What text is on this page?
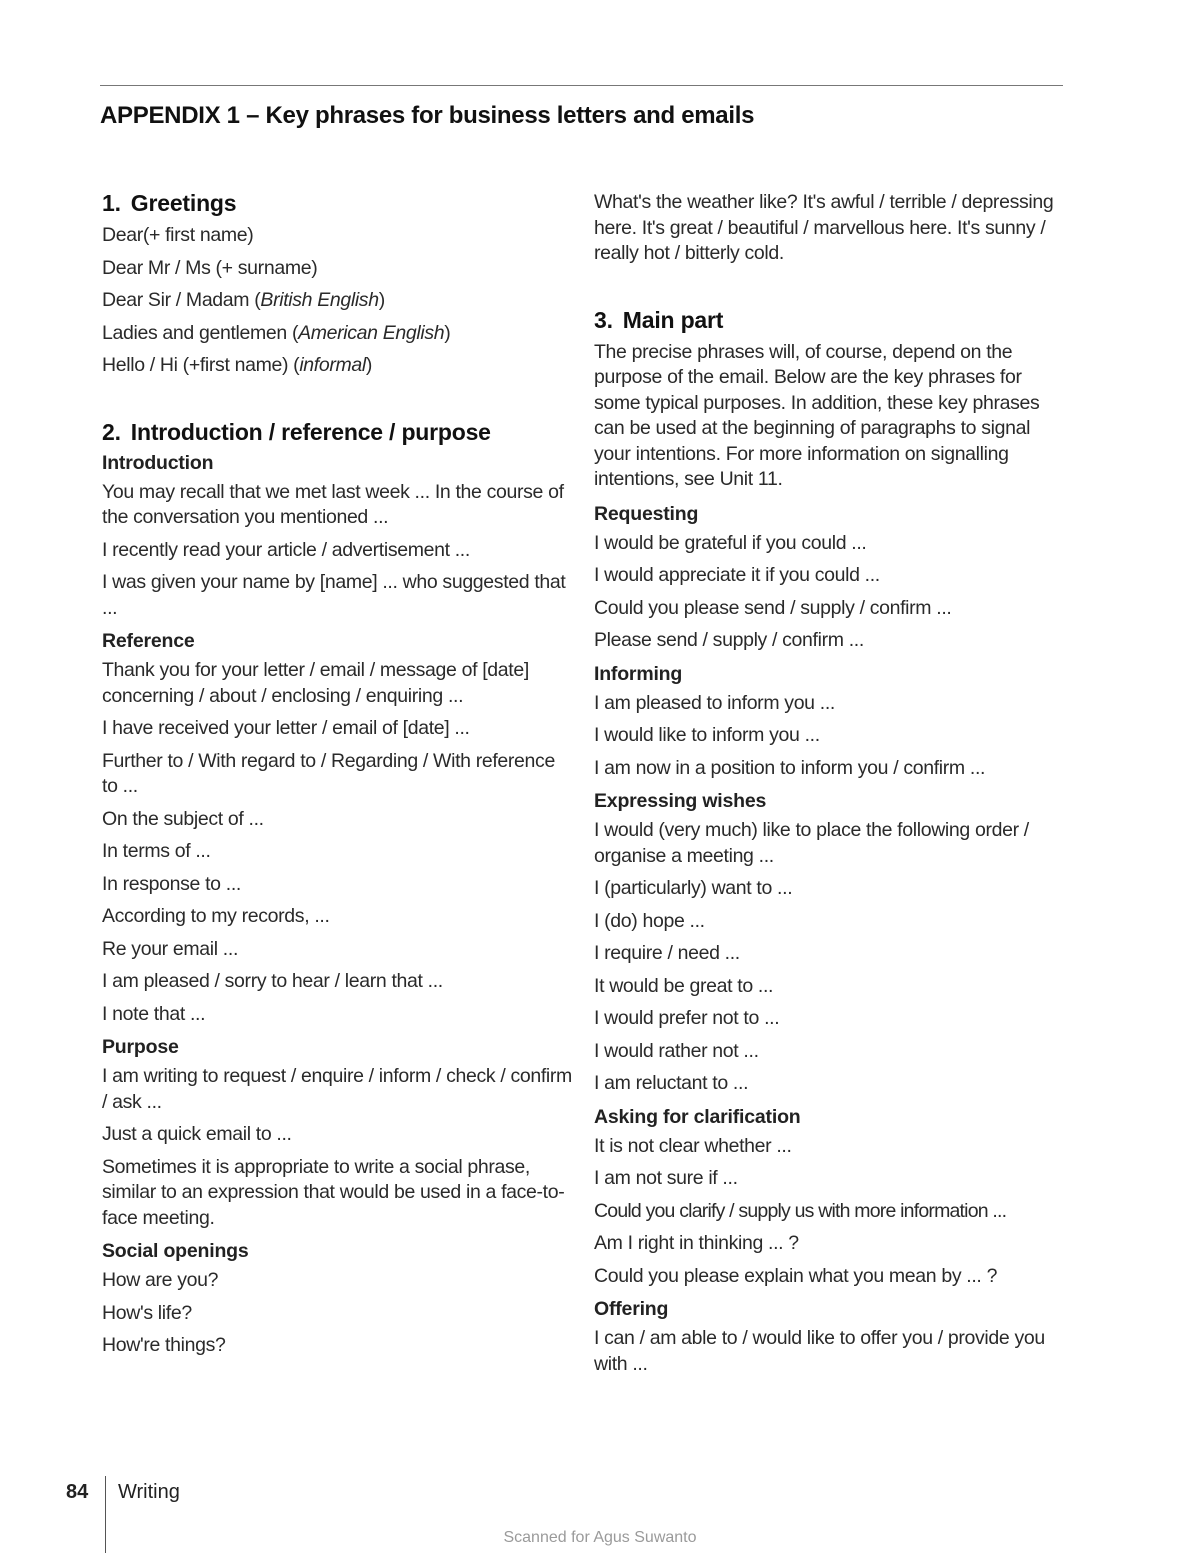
APPENDIX 1 – Key phrases for business letters and emails
1. Greetings
Dear(+ first name)
Dear Mr / Ms (+ surname)
Dear Sir / Madam (British English)
Ladies and gentlemen (American English)
Hello / Hi (+first name) (informal)
2. Introduction / reference / purpose
Introduction
You may recall that we met last week ... In the course of the conversation you mentioned ...
I recently read your article / advertisement ...
I was given your name by [name] ... who suggested that ...
Reference
Thank you for your letter / email / message of [date] concerning / about / enclosing / enquiring ...
I have received your letter / email of [date] ...
Further to / With regard to / Regarding / With reference to ...
On the subject of ...
In terms of ...
In response to ...
According to my records, ...
Re your email ...
I am pleased / sorry to hear / learn that ...
I note that ...
Purpose
I am writing to request / enquire / inform / check / confirm / ask ...
Just a quick email to ...
Sometimes it is appropriate to write a social phrase, similar to an expression that would be used in a face-to-face meeting.
Social openings
How are you?
How's life?
How're things?
What's the weather like? It's awful / terrible / depressing here. It's great / beautiful / marvellous here. It's sunny / really hot / bitterly cold.
3. Main part
The precise phrases will, of course, depend on the purpose of the email. Below are the key phrases for some typical purposes. In addition, these key phrases can be used at the beginning of paragraphs to signal your intentions. For more information on signalling intentions, see Unit 11.
Requesting
I would be grateful if you could ...
I would appreciate it if you could ...
Could you please send / supply / confirm ...
Please send / supply / confirm ...
Informing
I am pleased to inform you ...
I would like to inform you ...
I am now in a position to inform you / confirm ...
Expressing wishes
I would (very much) like to place the following order / organise a meeting ...
I (particularly) want to ...
I (do) hope ...
I require / need ...
It would be great to ...
I would prefer not to ...
I would rather not ...
I am reluctant to ...
Asking for clarification
It is not clear whether ...
I am not sure if ...
Could you clarify / supply us with more information ...
Am I right in thinking ... ?
Could you please explain what you mean by ... ?
Offering
I can / am able to / would like to offer you / provide you with ...
84 Writing
Scanned for Agus Suwanto
